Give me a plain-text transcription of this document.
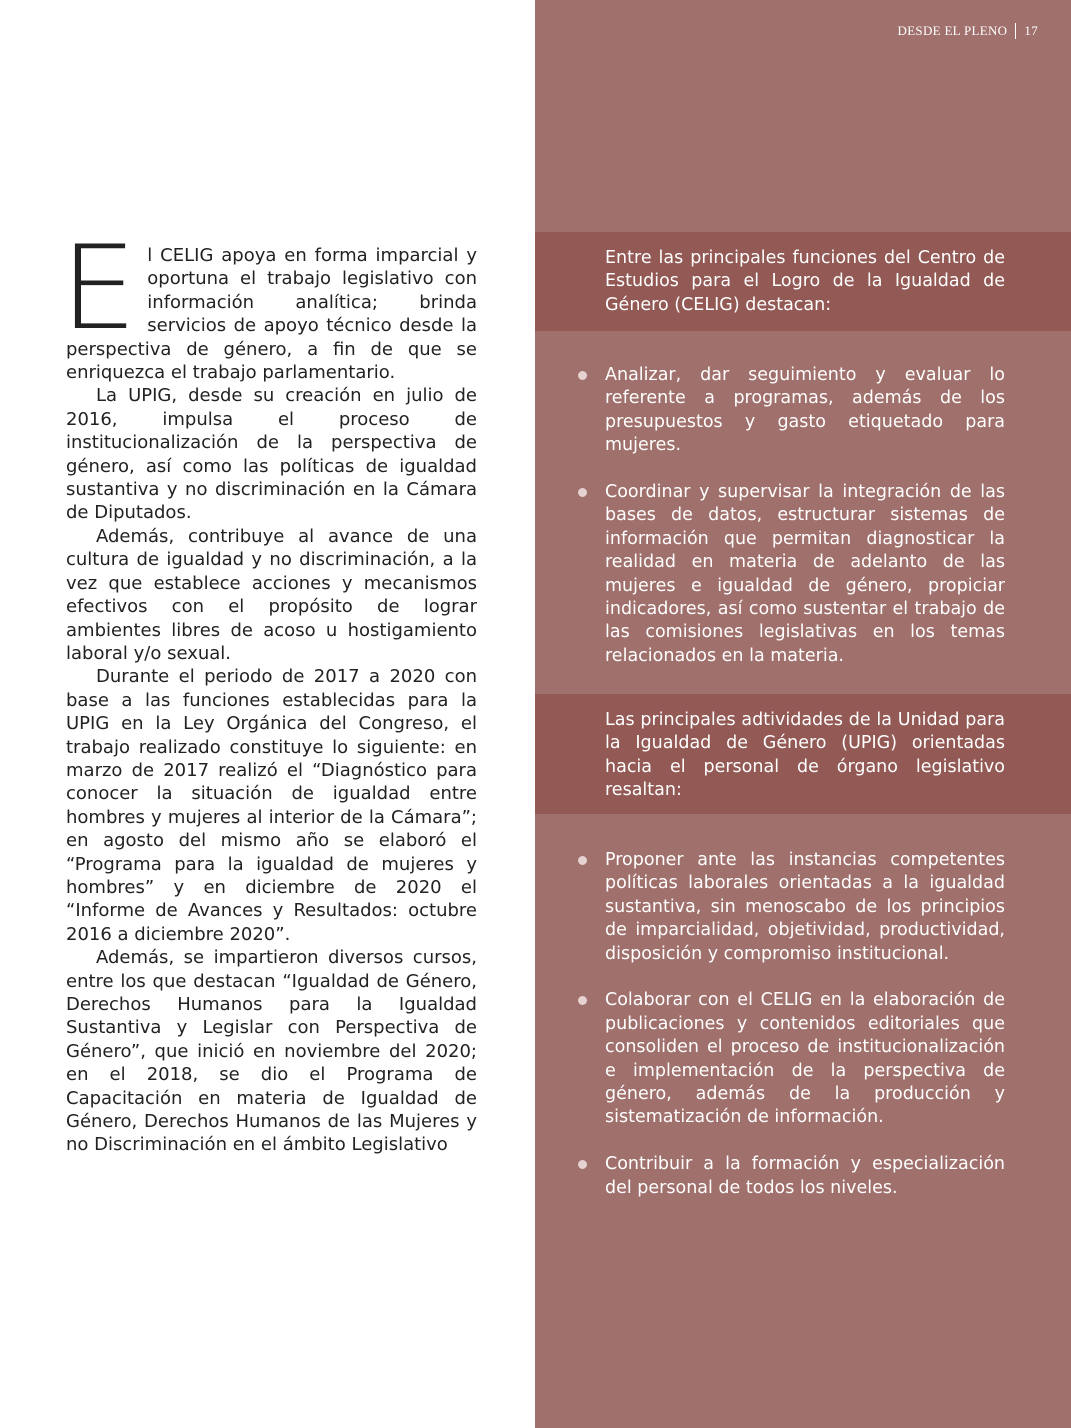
DESDE EL PLENO 17

El CELIG apoya en forma imparcial y oportuna el trabajo legislativo con información analítica; brinda servicios de apoyo técnico desde la perspectiva de género, a fin de que se enriquezca el trabajo parlamentario.

La UPIG, desde su creación en julio de 2016, impulsa el proceso de institucionalización de la perspectiva de género, así como las políticas de igualdad sustantiva y no discriminación en la Cámara de Diputados.

Además, contribuye al avance de una cultura de igualdad y no discriminación, a la vez que establece acciones y mecanismos efectivos con el propósito de lograr ambientes libres de acoso u hostigamiento laboral y/o sexual.

Durante el periodo de 2017 a 2020 con base a las funciones establecidas para la UPIG en la Ley Orgánica del Congreso, el trabajo realizado constituye lo siguiente: en marzo de 2017 realizó el “Diagnóstico para conocer la situación de igualdad entre hombres y mujeres al interior de la Cámara”; en agosto del mismo año se elaboró el “Programa para la igualdad de mujeres y hombres” y en diciembre de 2020 el “Informe de Avances y Resultados: octubre 2016 a diciembre 2020”.

Además, se impartieron diversos cursos, entre los que destacan “Igualdad de Género, Derechos Humanos para la Igualdad Sustantiva y Legislar con Perspectiva de Género”, que inició en noviembre del 2020; en el 2018, se dio el Programa de Capacitación en materia de Igualdad de Género, Derechos Humanos de las Mujeres y no Discriminación en el ámbito Legislativo

Entre las principales funciones del Centro de Estudios para el Logro de la Igualdad de Género (CELIG) destacan:

Analizar, dar seguimiento y evaluar lo referente a programas, además de los presupuestos y gasto etiquetado para mujeres.
Coordinar y supervisar la integración de las bases de datos, estructurar sistemas de información que permitan diagnosticar la realidad en materia de adelanto de las mujeres e igualdad de género, propiciar indicadores, así como sustentar el trabajo de las comisiones legislativas en los temas relacionados en la materia.

Las principales adtividades de la Unidad para la Igualdad de Género (UPIG) orientadas hacia el personal de órgano legislativo resaltan:

Proponer ante las instancias competentes políticas laborales orientadas a la igualdad sustantiva, sin menoscabo de los principios de imparcialidad, objetividad, productividad, disposición y compromiso institucional.
Colaborar con el CELIG en la elaboración de publicaciones y contenidos editoriales que consoliden el proceso de institucionalización e implementación de la perspectiva de género, además de la producción y sistematización de información.
Contribuir a la formación y especialización del personal de todos los niveles.
